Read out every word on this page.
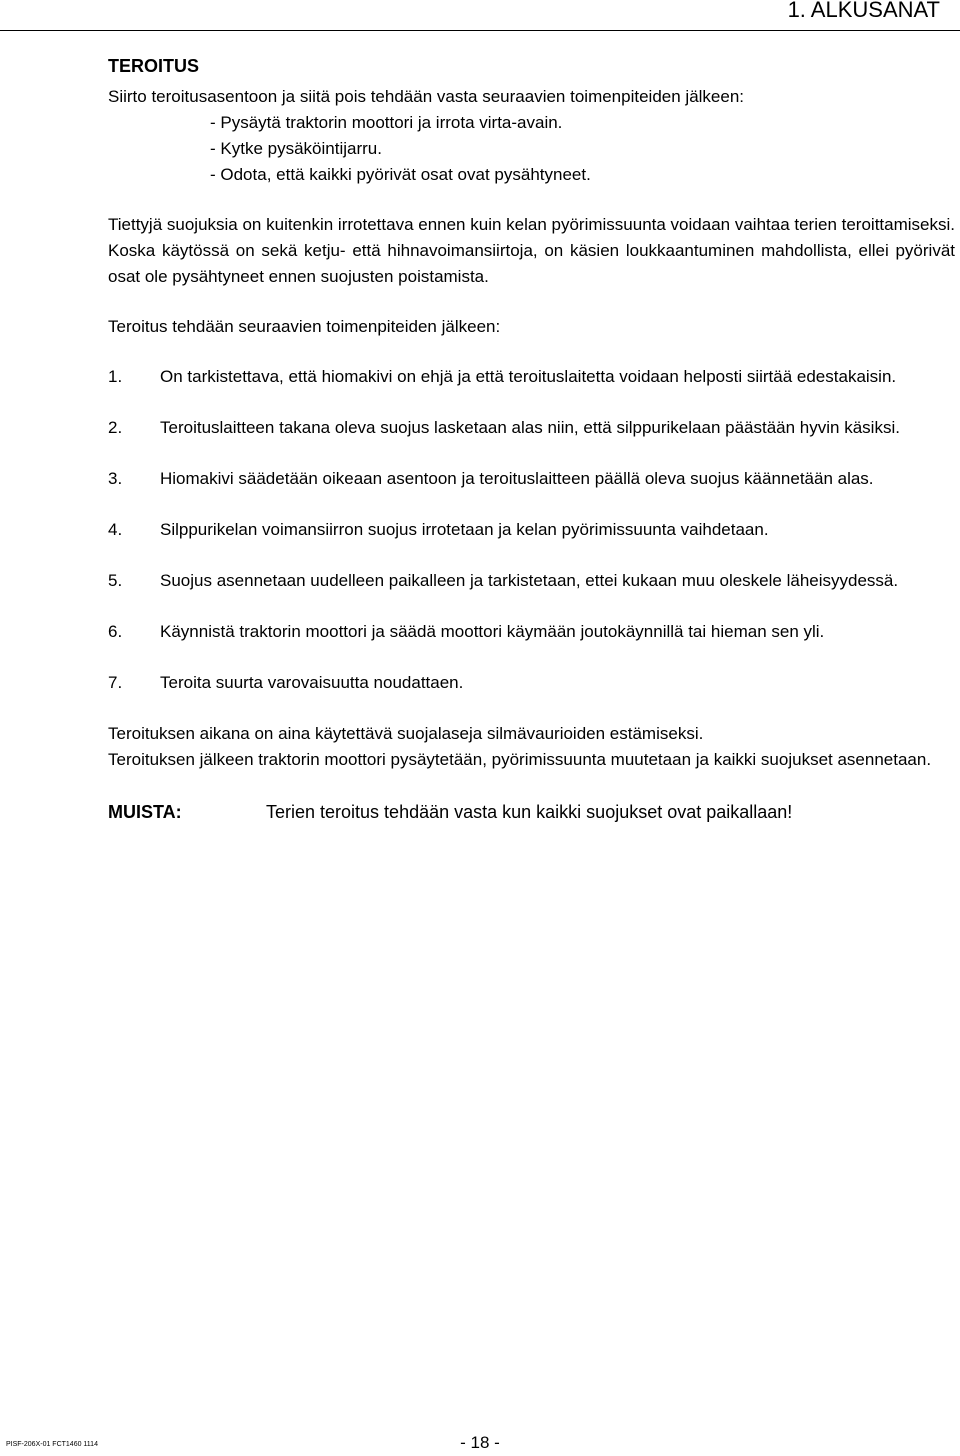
1. ALKUSANAT
TEROITUS
Siirto teroitusasentoon ja siitä pois tehdään vasta seuraavien toimenpiteiden jälkeen:
- Pysäytä traktorin moottori ja irrota virta-avain.
- Kytke pysäköintijarru.
- Odota, että kaikki pyörivät osat ovat pysähtyneet.
Tiettyjä suojuksia on kuitenkin irrotettava ennen kuin kelan pyörimissuunta voidaan vaihtaa terien teroittamiseksi. Koska käytössä on sekä ketju- että hihnavoimansiirtoja, on käsien loukkaantuminen mahdollista, ellei pyörivät osat ole pysähtyneet ennen suojusten poistamista.
Teroitus tehdään seuraavien toimenpiteiden jälkeen:
1.	On tarkistettava, että hiomakivi on ehjä ja että teroituslaitetta voidaan helposti siirtää edestakaisin.
2.	Teroituslaitteen takana oleva suojus lasketaan alas niin, että silppurikelaan päästään hyvin käsiksi.
3.	Hiomakivi säädetään oikeaan asentoon ja teroituslaitteen päällä oleva suojus käännetään alas.
4.	Silppurikelan voimansiirron suojus irrotetaan ja kelan pyörimissuunta vaihdetaan.
5.	Suojus asennetaan uudelleen paikalleen ja tarkistetaan, ettei kukaan muu oleskele läheisyydessä.
6.	Käynnistä traktorin moottori ja säädä moottori käymään joutokäynnillä tai hieman sen yli.
7.	Teroita suurta varovaisuutta noudattaen.
Teroituksen aikana on aina käytettävä suojalaseja silmävaurioiden estämiseksi.
Teroituksen jälkeen traktorin moottori pysäytetään, pyörimissuunta muutetaan ja kaikki suojukset asennetaan.
MUISTA:	Terien teroitus tehdään vasta kun kaikki suojukset ovat paikallaan!
PISF-206X-01 FCT1460 1114	- 18 -
